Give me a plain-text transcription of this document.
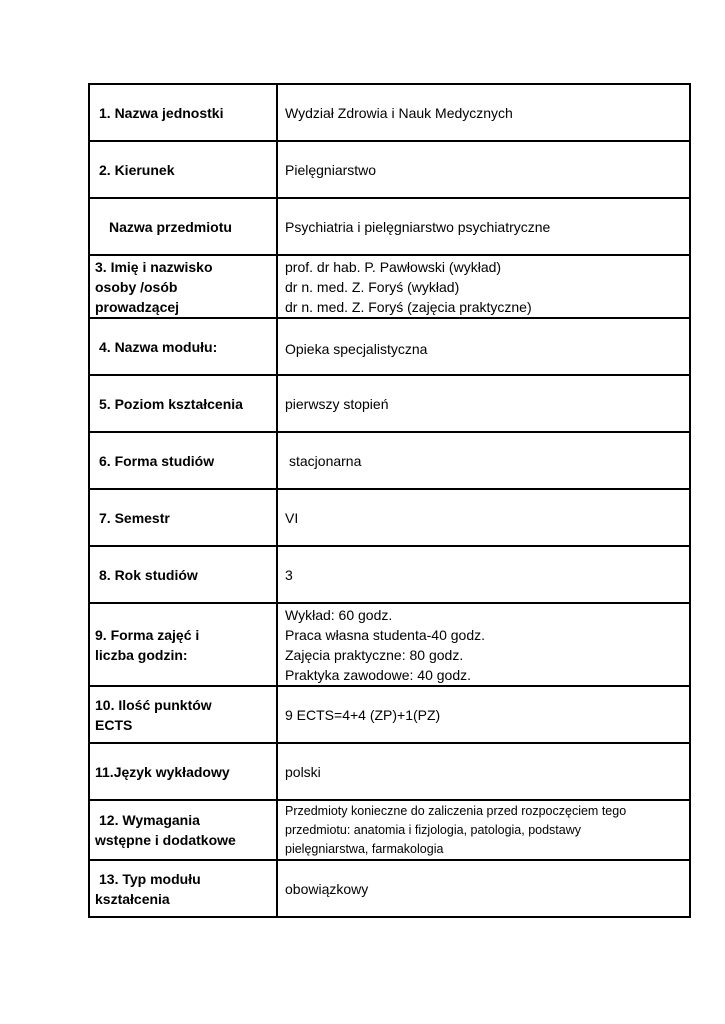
1. Nazwa jednostki	Wydział Zdrowia i Nauk Medycznych

2. Kierunek	Pielęgniarstwo

Nazwa przedmiotu	Psychiatria i pielęgniarstwo psychiatryczne

3. Imię i nazwisko
osoby /osób
prowadzącej	prof. dr hab. P. Pawłowski (wykład)
dr n. med. Z. Foryś (wykład)
dr n. med. Z. Foryś (zajęcia praktyczne)

4. Nazwa modułu:	Opieka specjalistyczna

5. Poziom kształcenia	pierwszy stopień

6. Forma studiów	stacjonarna

7. Semestr	VI

8. Rok studiów	3

9. Forma zajęć i
liczba godzin:	Wykład: 60 godz.
Praca własna studenta-40 godz.
Zajęcia praktyczne: 80 godz.
Praktyka zawodowe: 40 godz.

10. Ilość punktów
ECTS	9 ECTS=4+4 (ZP)+1(PZ)

11.Język wykładowy	polski

12. Wymagania
wstępne i dodatkowe	Przedmioty konieczne do zaliczenia przed rozpoczęciem tego
przedmiotu: anatomia i fizjologia, patologia, podstawy
pielęgniarstwa, farmakologia

13. Typ modułu
kształcenia	obowiązkowy
